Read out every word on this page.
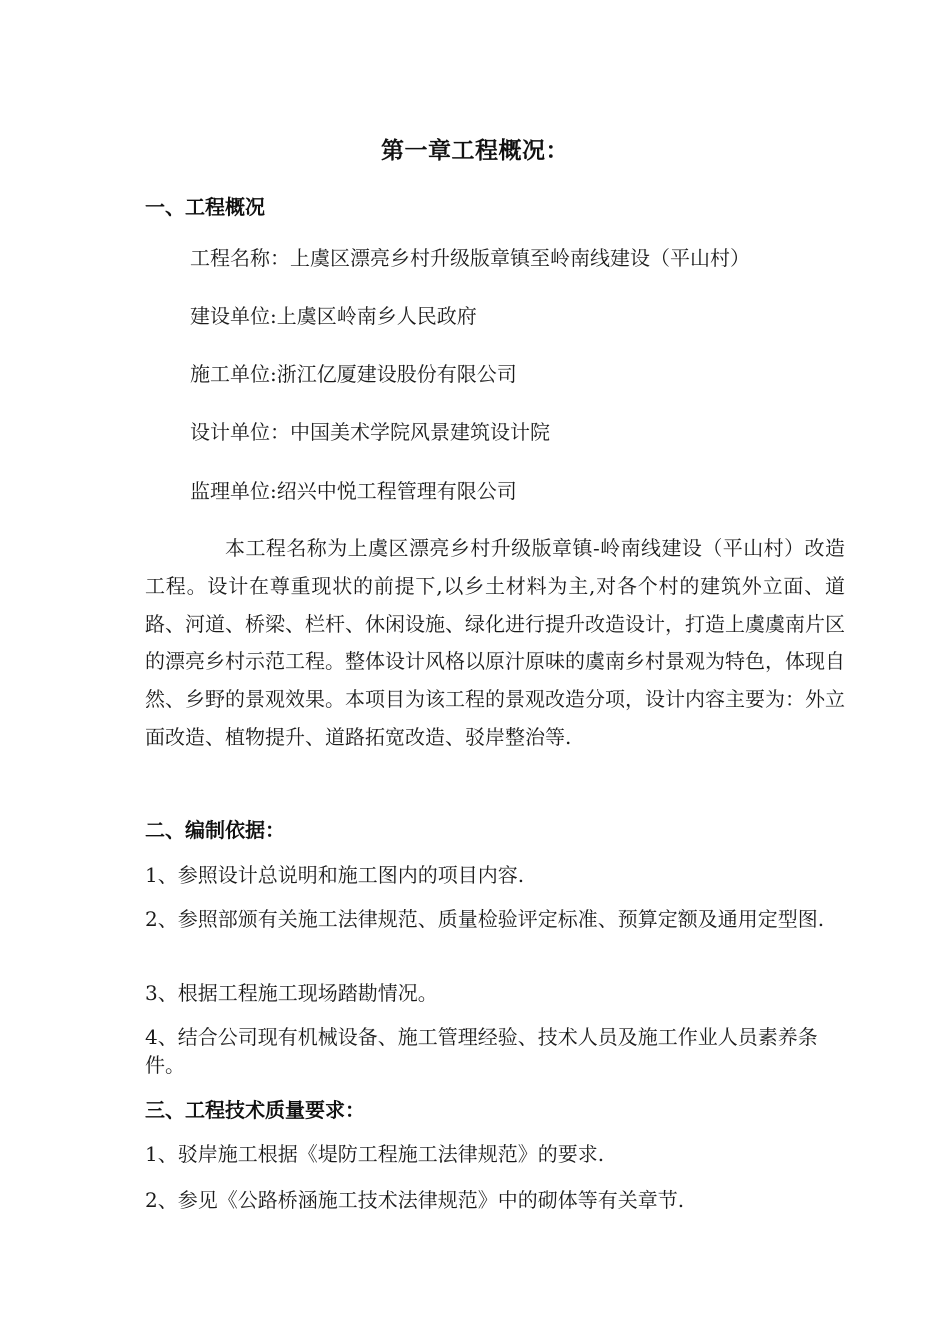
第一章工程概况：
一、工程概况
工程名称：上虞区漂亮乡村升级版章镇至岭南线建设（平山村）
建设单位:上虞区岭南乡人民政府
施工单位:浙江亿厦建设股份有限公司
设计单位：中国美术学院风景建筑设计院
监理单位:绍兴中悦工程管理有限公司
本工程名称为上虞区漂亮乡村升级版章镇-岭南线建设（平山村）改造工程。设计在尊重现状的前提下,以乡土材料为主,对各个村的建筑外立面、道路、河道、桥梁、栏杆、休闲设施、绿化进行提升改造设计，打造上虞虞南片区的漂亮乡村示范工程。整体设计风格以原汁原味的虞南乡村景观为特色，体现自然、乡野的景观效果。本项目为该工程的景观改造分项，设计内容主要为：外立面改造、植物提升、道路拓宽改造、驳岸整治等.
二、编制依据：
1、参照设计总说明和施工图内的项目内容.
2、参照部颁有关施工法律规范、质量检验评定标准、预算定额及通用定型图.
3、根据工程施工现场踏勘情况。
4、结合公司现有机械设备、施工管理经验、技术人员及施工作业人员素养条件。
三、工程技术质量要求：
1、驳岸施工根据《堤防工程施工法律规范》的要求.
2、参见《公路桥涵施工技术法律规范》中的砌体等有关章节.
